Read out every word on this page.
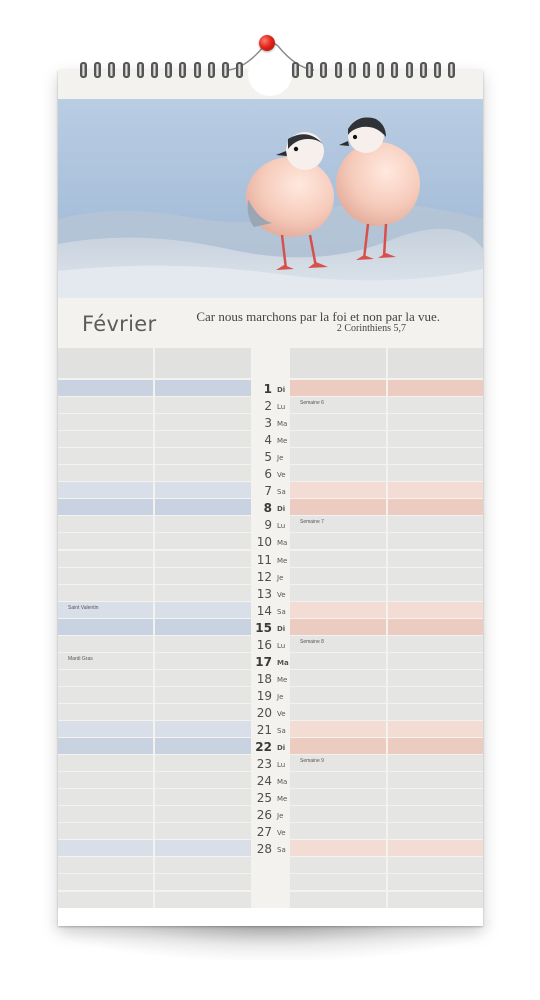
Février	Car nous marchons par la foi et non par la vue.
2 Corinthiens 5,7
1 Di
2 Lu	Semaine 6
3 Ma
4 Me
5 Je
6 Ve
7 Sa
8 Di
9 Lu	Semaine 7
10 Ma
11 Me
12 Je
13 Ve
Saint Valentin	14 Sa
15 Di
16 Lu	Semaine 8
Mardi Gras	17 Ma
18 Me
19 Je
20 Ve
21 Sa
22 Di
23 Lu	Semaine 9
24 Ma
25 Me
26 Je
27 Ve
28 Sa
